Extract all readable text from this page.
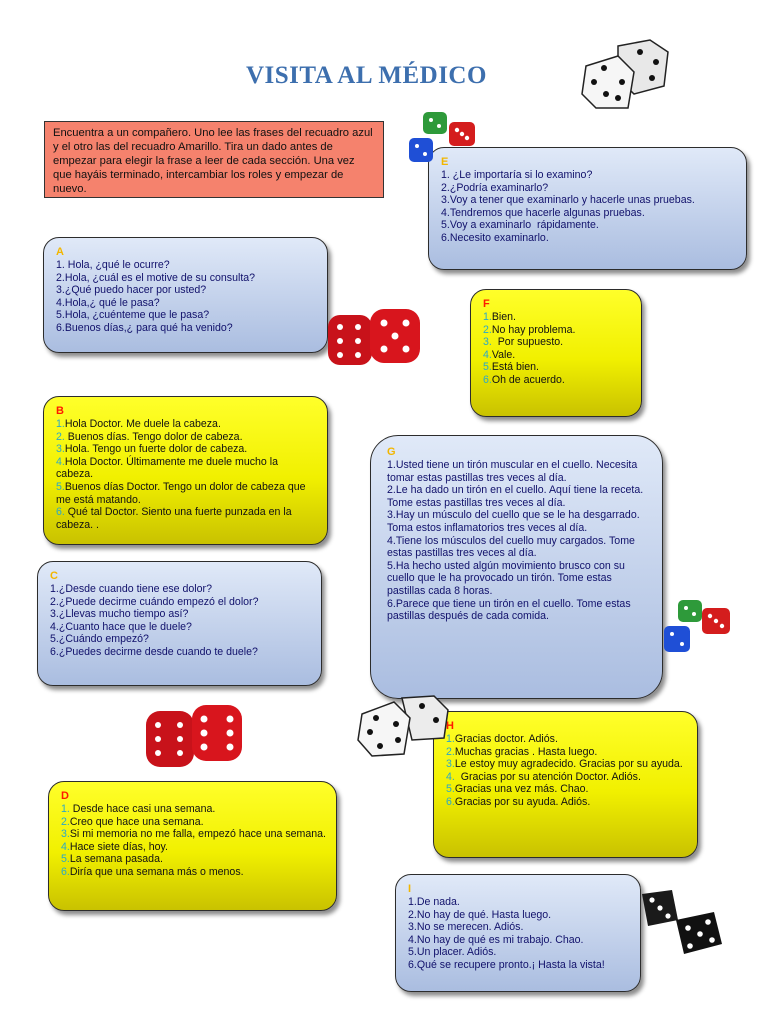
VISITA AL MÉDICO
Encuentra a un compañero. Uno lee las frases del recuadro azul y el otro las del recuadro Amarillo. Tira un dado antes de empezar para elegir la frase a leer de cada sección. Una vez que hayáis terminado, intercambiar los roles y empezar de nuevo.
A
1. Hola, ¿qué le ocurre?
2.Hola, ¿cuál es el motive de su consulta?
3.¿Qué puedo hacer por usted?
4.Hola,¿ qué le pasa?
5.Hola, ¿cuénteme que le pasa?
6.Buenos días,¿ para qué ha venido?
B
1.Hola Doctor. Me duele la cabeza.
2. Buenos días. Tengo dolor de cabeza.
3.Hola. Tengo un fuerte dolor de cabeza.
4.Hola Doctor. Últimamente me duele mucho la cabeza.
5.Buenos días Doctor. Tengo un dolor de cabeza que me está matando.
6. Qué tal Doctor. Siento una fuerte punzada en la cabeza. .
C
1.¿Desde cuando tiene ese dolor?
2.¿Puede decirme cuándo empezó el dolor?
3.¿Llevas mucho tiempo así?
4.¿Cuanto hace que le duele?
5.¿Cuándo empezó?
6.¿Puedes decirme desde cuando te duele?
D
1. Desde hace casi una semana.
2.Creo que hace una semana.
3.Si mi memoria no me falla, empezó hace una semana.
4.Hace siete días, hoy.
5.La semana pasada.
6.Diría que una semana más o menos.
E
1. ¿Le importaría si lo examino?
2.¿Podría examinarlo?
3.Voy a tener que examinarlo y hacerle unas pruebas.
4.Tendremos que hacerle algunas pruebas.
5.Voy a examinarlo  rápidamente.
6.Necesito examinarlo.
F
1.Bien.
2.No hay problema.
3.  Por supuesto.
4.Vale.
5.Está bien.
6.Oh de acuerdo.
G
1.Usted tiene un tirón muscular en el cuello. Necesita tomar estas pastillas tres veces al día.
2.Le ha dado un tirón en el cuello. Aquí tiene la receta. Tome estas pastillas tres veces al día.
3.Hay un músculo del cuello que se le ha desgarrado. Toma estos inflamatorios tres veces al día.
4.Tiene los músculos del cuello muy cargados. Tome estas pastillas tres veces al día.
5.Ha hecho usted algún movimiento brusco con su cuello que le ha provocado un tirón. Tome estas pastillas cada 8 horas.
6.Parece que tiene un tirón en el cuello. Tome estas pastillas después de cada comida.
H
1.Gracias doctor. Adiós.
2.Muchas gracias . Hasta luego.
3.Le estoy muy agradecido. Gracias por su ayuda.
4.  Gracias por su atención Doctor. Adiós.
5.Gracias una vez más. Chao.
6.Gracias por su ayuda. Adiós.
I
1.De nada.
2.No hay de qué. Hasta luego.
3.No se merecen. Adiós.
4.No hay de qué es mi trabajo. Chao.
5.Un placer. Adiós.
6.Qué se recupere pronto.¡ Hasta la vista!
